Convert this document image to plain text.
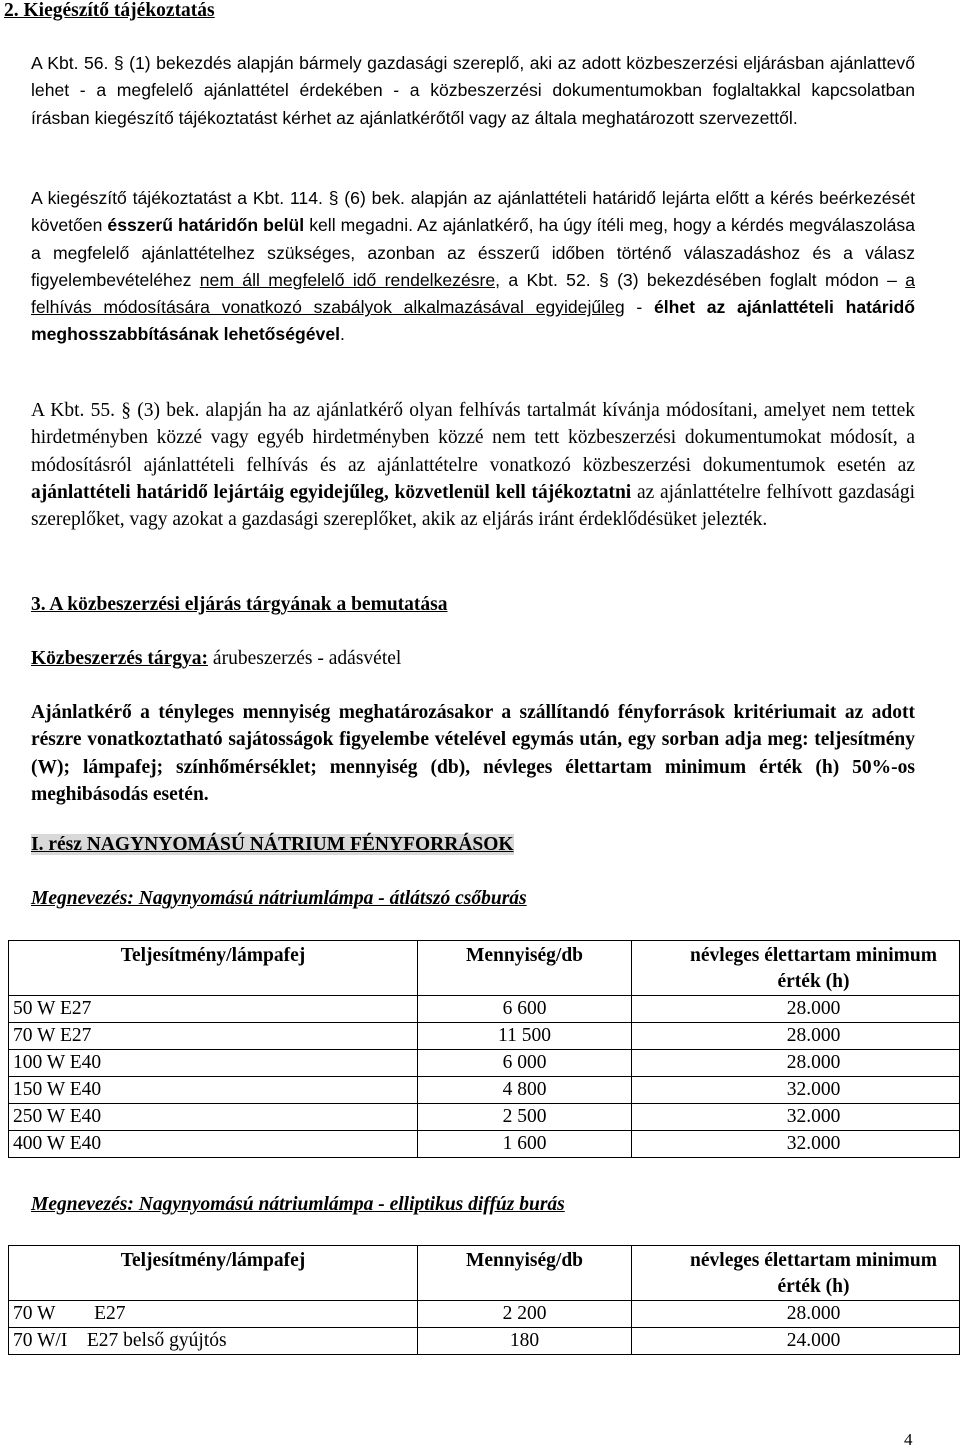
2. Kiegészítő tájékoztatás

A Kbt. 56. § (1) bekezdés alapján bármely gazdasági szereplő, aki az adott közbeszerzési eljárásban ajánlattevő lehet - a megfelelő ajánlattétel érdekében - a közbeszerzési dokumentumokban foglaltakkal kapcsolatban írásban kiegészítő tájékoztatást kérhet az ajánlatkérőtől vagy az általa meghatározott szervezettől.

A kiegészítő tájékoztatást a Kbt. 114. § (6) bek. alapján az ajánlattételi határidő lejárta előtt a kérés beérkezését követően ésszerű határidőn belül kell megadni. Az ajánlatkérő, ha úgy ítéli meg, hogy a kérdés megválaszolása a megfelelő ajánlattételhez szükséges, azonban az ésszerű időben történő válaszadáshoz és a válasz figyelembevételéhez nem áll megfelelő idő rendelkezésre, a Kbt. 52. § (3) bekezdésében foglalt módon – a felhívás módosítására vonatkozó szabályok alkalmazásával egyidejűleg - élhet az ajánlattételi határidő meghosszabbításának lehetőségével.

A Kbt. 55. § (3) bek. alapján ha az ajánlatkérő olyan felhívás tartalmát kívánja módosítani, amelyet nem tettek hirdetményben közzé vagy egyéb hirdetményben közzé nem tett közbeszerzési dokumentumokat módosít, a módosításról ajánlattételi felhívás és az ajánlattételre vonatkozó közbeszerzési dokumentumok esetén az ajánlattételi határidő lejártáig egyidejűleg, közvetlenül kell tájékoztatni az ajánlattételre felhívott gazdasági szereplőket, vagy azokat a gazdasági szereplőket, akik az eljárás iránt érdeklődésüket jelezték.

3. A közbeszerzési eljárás tárgyának a bemutatása
Közbeszerzés tárgya: árubeszerzés - adásvétel

Ajánlatkérő a tényleges mennyiség meghatározásakor a szállítandó fényforrások kritériumait az adott részre vonatkoztatható sajátosságok figyelembe vételével egymás után, egy sorban adja meg: teljesítmény (W); lámpafej; színhőmérséklet; mennyiség (db), névleges élettartam minimum érték (h) 50%-os meghibásodás esetén.

I. rész NAGYNYOMÁSÚ NÁTRIUM FÉNYFORRÁSOK
Megnevezés: Nagynyomású nátriumlámpa - átlátszó csőburás
Teljesítmény/lámpafej	Mennyiség/db	névleges élettartam minimum érték (h)
50 W E27	6 600	28.000
70 W E27	11 500	28.000
100 W E40	6 000	28.000
150 W E40	4 800	32.000
250 W E40	2 500	32.000
400 W E40	1 600	32.000
Megnevezés: Nagynyomású nátriumlámpa - elliptikus diffúz burás
Teljesítmény/lámpafej	Mennyiség/db	névleges élettartam minimum érték (h)
70 W        E27	2 200	28.000
70 W/I    E27 belső gyújtós	180	24.000
4
